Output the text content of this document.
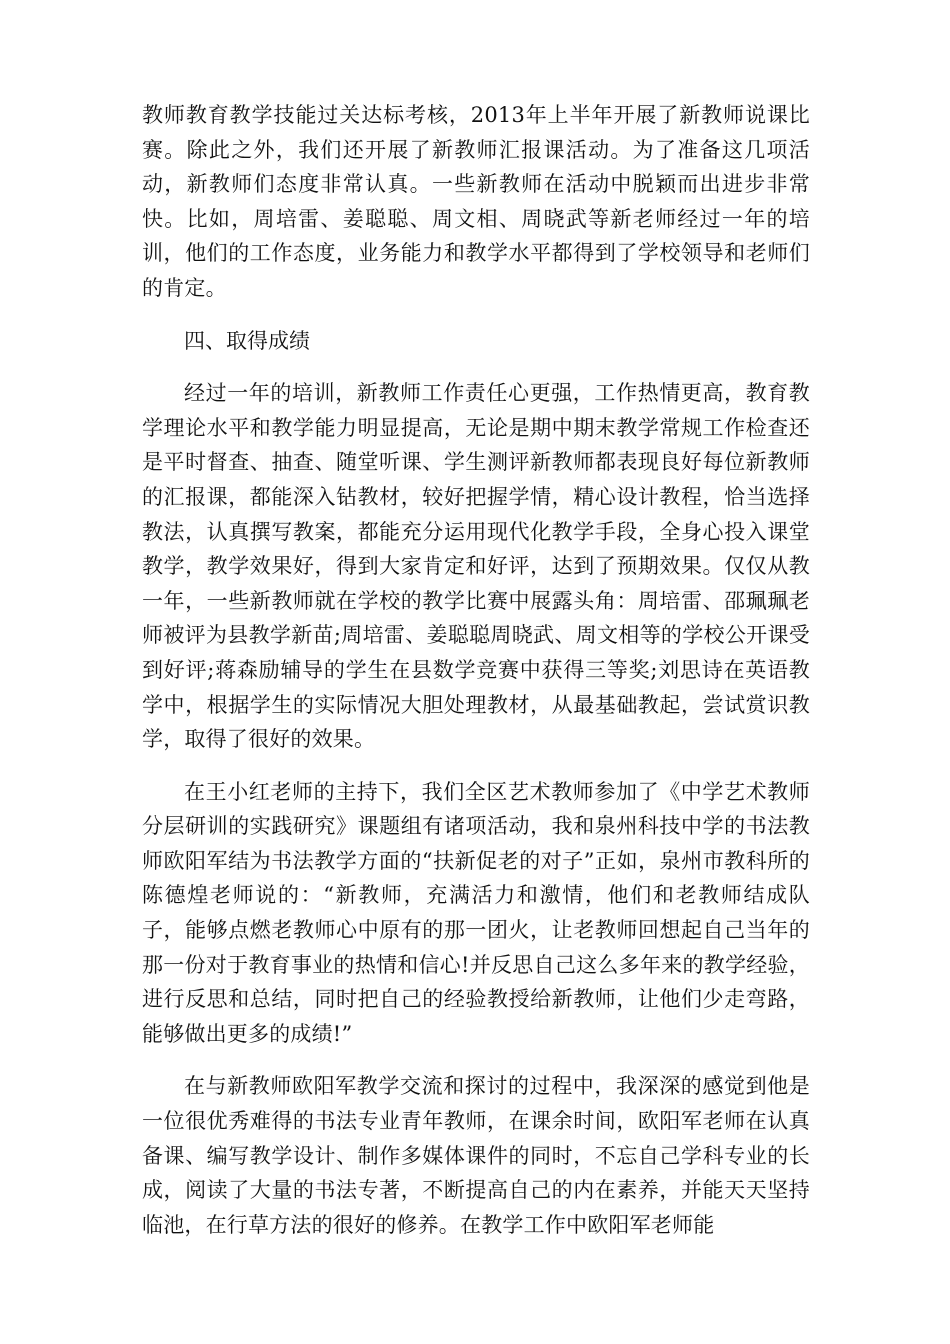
教师教育教学技能过关达标考核，2013年上半年开展了新教师说课比赛。除此之外，我们还开展了新教师汇报课活动。为了准备这几项活动，新教师们态度非常认真。一些新教师在活动中脱颖而出进步非常快。比如，周培雷、姜聪聪、周文相、周晓武等新老师经过一年的培训，他们的工作态度，业务能力和教学水平都得到了学校领导和老师们的肯定。

四、取得成绩

经过一年的培训，新教师工作责任心更强，工作热情更高，教育教学理论水平和教学能力明显提高，无论是期中期末教学常规工作检查还是平时督查、抽查、随堂听课、学生测评新教师都表现良好每位新教师的汇报课，都能深入钻教材，较好把握学情，精心设计教程，恰当选择教法，认真撰写教案，都能充分运用现代化教学手段，全身心投入课堂教学，教学效果好，得到大家肯定和好评，达到了预期效果。仅仅从教一年，一些新教师就在学校的教学比赛中展露头角：周培雷、邵珮珮老师被评为县教学新苗;周培雷、姜聪聪周晓武、周文相等的学校公开课受到好评;蒋森励辅导的学生在县数学竞赛中获得三等奖;刘思诗在英语教学中，根据学生的实际情况大胆处理教材，从最基础教起，尝试赏识教学，取得了很好的效果。

在王小红老师的主持下，我们全区艺术教师参加了《中学艺术教师分层研训的实践研究》课题组有诸项活动，我和泉州科技中学的书法教师欧阳军结为书法教学方面的“扶新促老的对子”正如，泉州市教科所的陈德煌老师说的：“新教师，充满活力和激情，他们和老教师结成队子，能够点燃老教师心中原有的那一团火，让老教师回想起自己当年的那一份对于教育事业的热情和信心!并反思自己这么多年来的教学经验，进行反思和总结，同时把自己的经验教授给新教师，让他们少走弯路，能够做出更多的成绩!”

在与新教师欧阳军教学交流和探讨的过程中，我深深的感觉到他是一位很优秀难得的书法专业青年教师，在课余时间，欧阳军老师在认真备课、编写教学设计、制作多媒体课件的同时，不忘自己学科专业的长成，阅读了大量的书法专著，不断提高自己的内在素养，并能天天坚持临池，在行草方法的很好的修养。在教学工作中欧阳军老师能
